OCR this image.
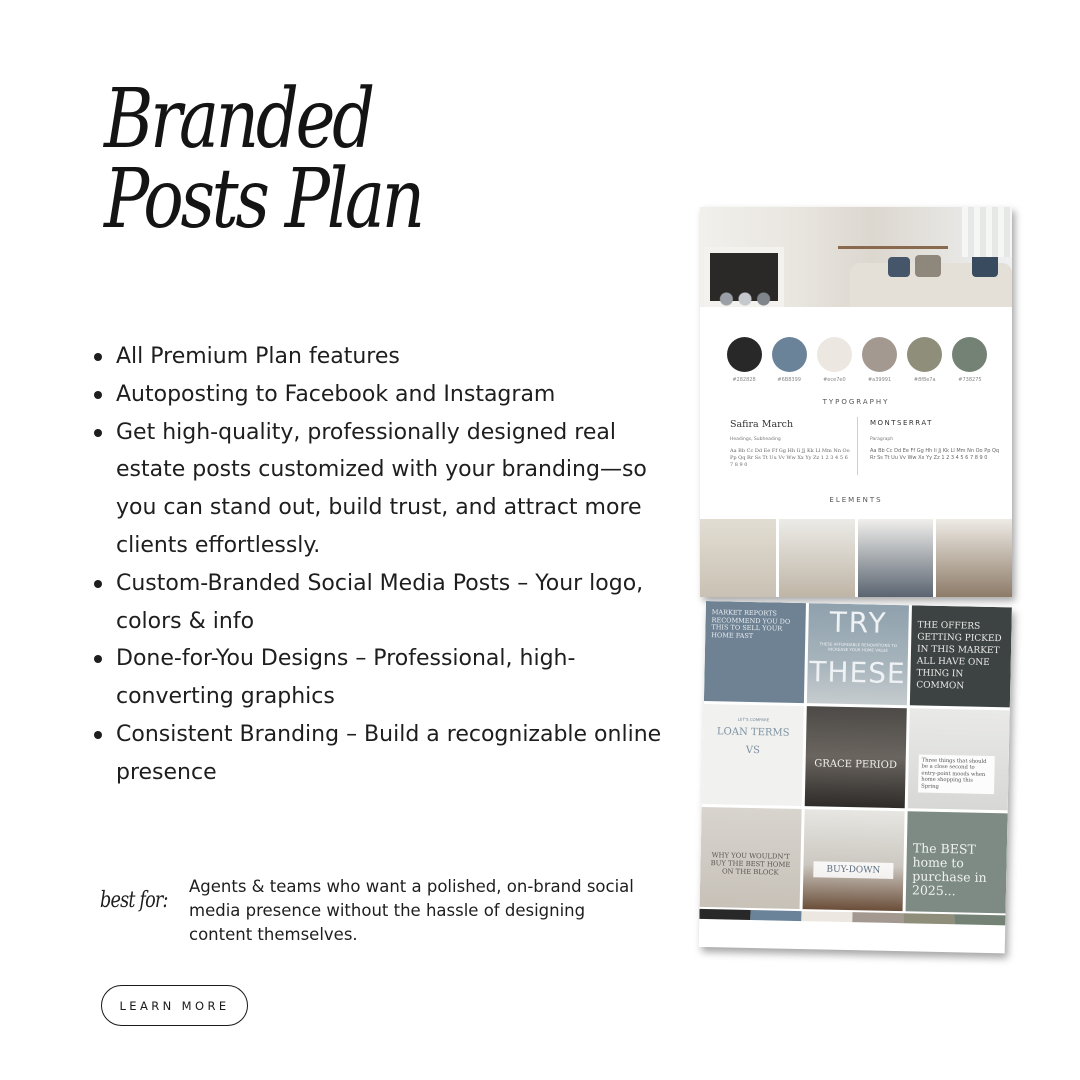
Branded
Posts Plan
All Premium Plan features
Autoposting to Facebook and Instagram
Get high-quality, professionally designed real estate posts customized with your branding—so you can stand out, build trust, and attract more clients effortlessly.
Custom-Branded Social Media Posts – Your logo, colors & info
Done-for-You Designs – Professional, high-converting graphics
Consistent Branding – Build a recognizable online presence
best for:
Agents & teams who want a polished, on-brand social media presence without the hassle of designing content themselves.
LEARN MORE
#282828	#6B8399	#ece7e0	#a39991	#8f8e7a	#738275
TYPOGRAPHY
Safira March
Headings, Subheading
Aa Bb Cc Dd Ee Ff Gg Hh Ii Jj Kk Ll Mm Nn Oo Pp Qq Rr Ss Tt Uu Vv Ww Xx Yy Zz 1 2 3 4 5 6 7 8 9 0
MONTSERRAT
Paragraph
Aa Bb Cc Dd Ee Ff Gg Hh Ii Jj Kk Ll Mm Nn Oo Pp Qq Rr Ss Tt Uu Vv Ww Xx Yy Zz 1 2 3 4 5 6 7 8 9 0
ELEMENTS
MARKET REPORTS RECOMMEND YOU DO THIS TO SELL YOUR HOME FAST	TRY
THESE AFFORDABLE RENOVATIONS TO INCREASE YOUR HOME VALUE
THESE
THE OFFERS GETTING PICKED IN THIS MARKET ALL HAVE ONE THING IN COMMON
LET'S COMPARE
LOAN TERMS
VS
GRACE PERIOD	Three things that should be a close second to entry-point moods when home shopping this Spring
WHY YOU WOULDN'T BUY THE BEST HOME ON THE BLOCK	BUY-DOWN
The BEST home to purchase in 2025...
